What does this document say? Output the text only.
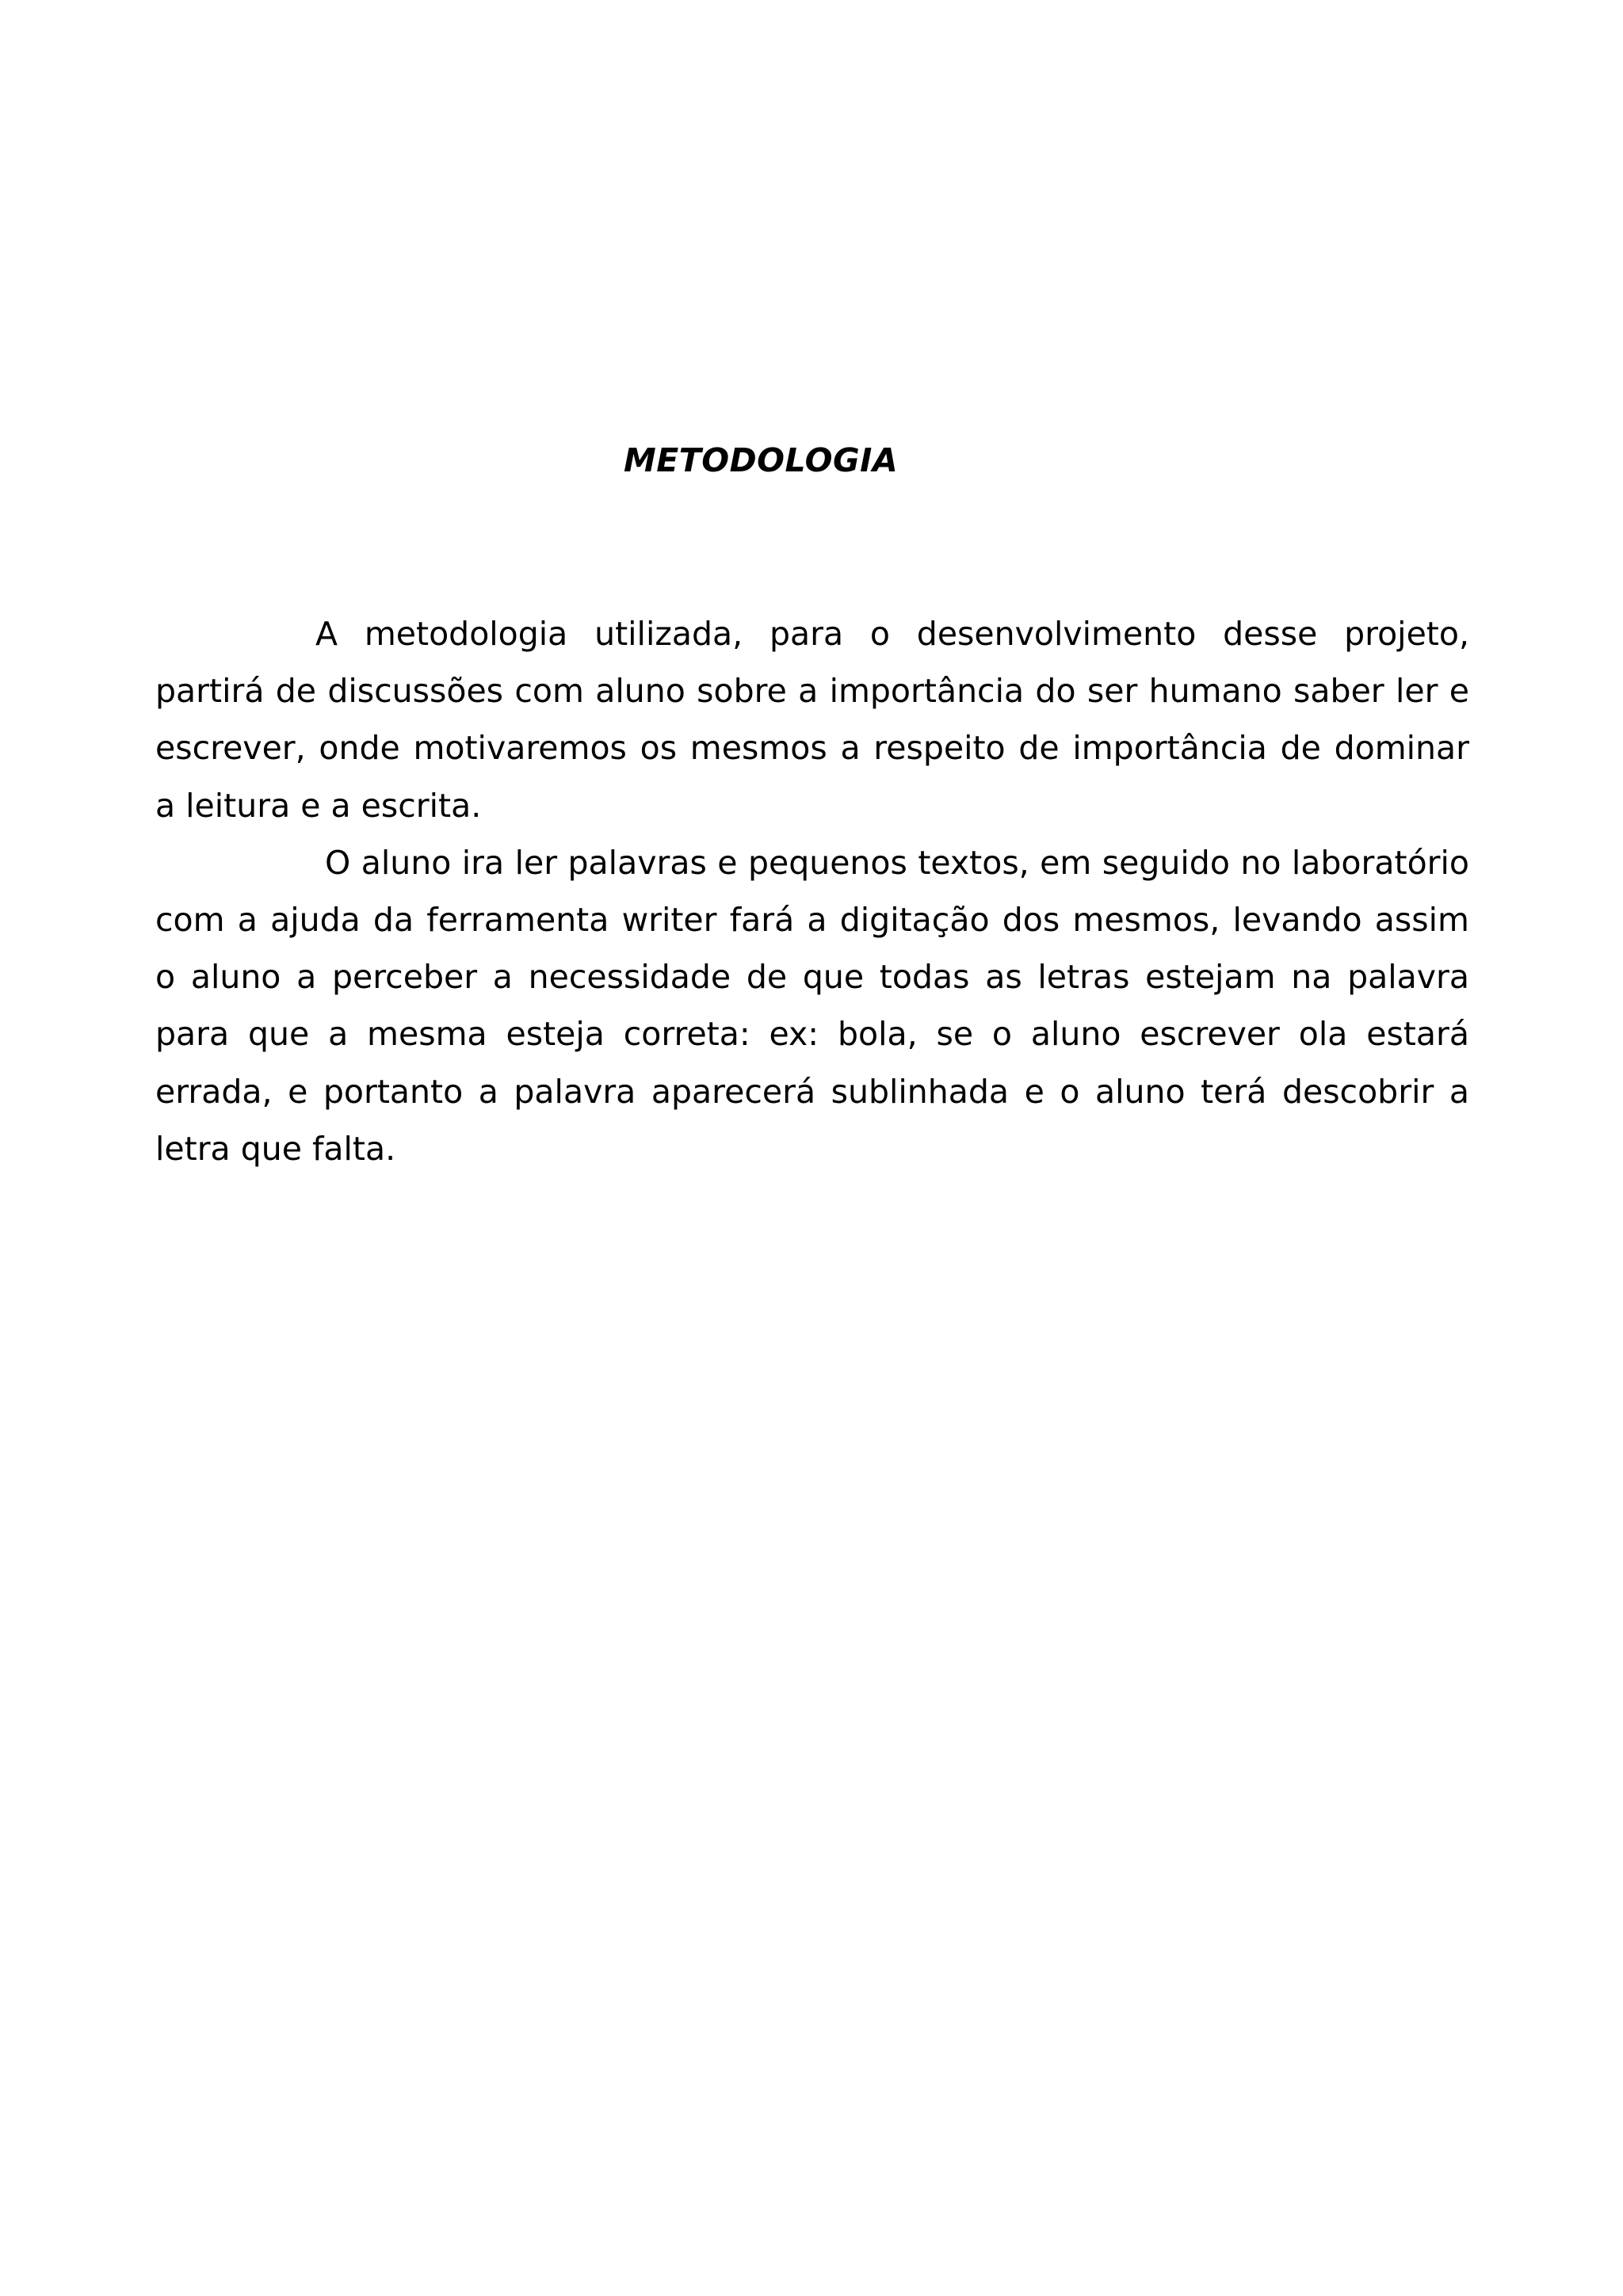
METODOLOGIA

A metodologia utilizada, para o desenvolvimento desse projeto, partirá de discussões com aluno sobre a importância do ser humano saber ler e escrever, onde motivaremos os mesmos a respeito de importância de dominar a leitura e a escrita.

O aluno ira ler palavras e pequenos textos, em seguido no laboratório com a ajuda da ferramenta writer fará a digitação dos mesmos, levando assim o aluno a perceber a necessidade de que todas as letras estejam na palavra para que a mesma esteja correta: ex: bola, se o aluno escrever ola estará errada, e portanto a palavra aparecerá sublinhada e o aluno terá descobrir a letra que falta.
